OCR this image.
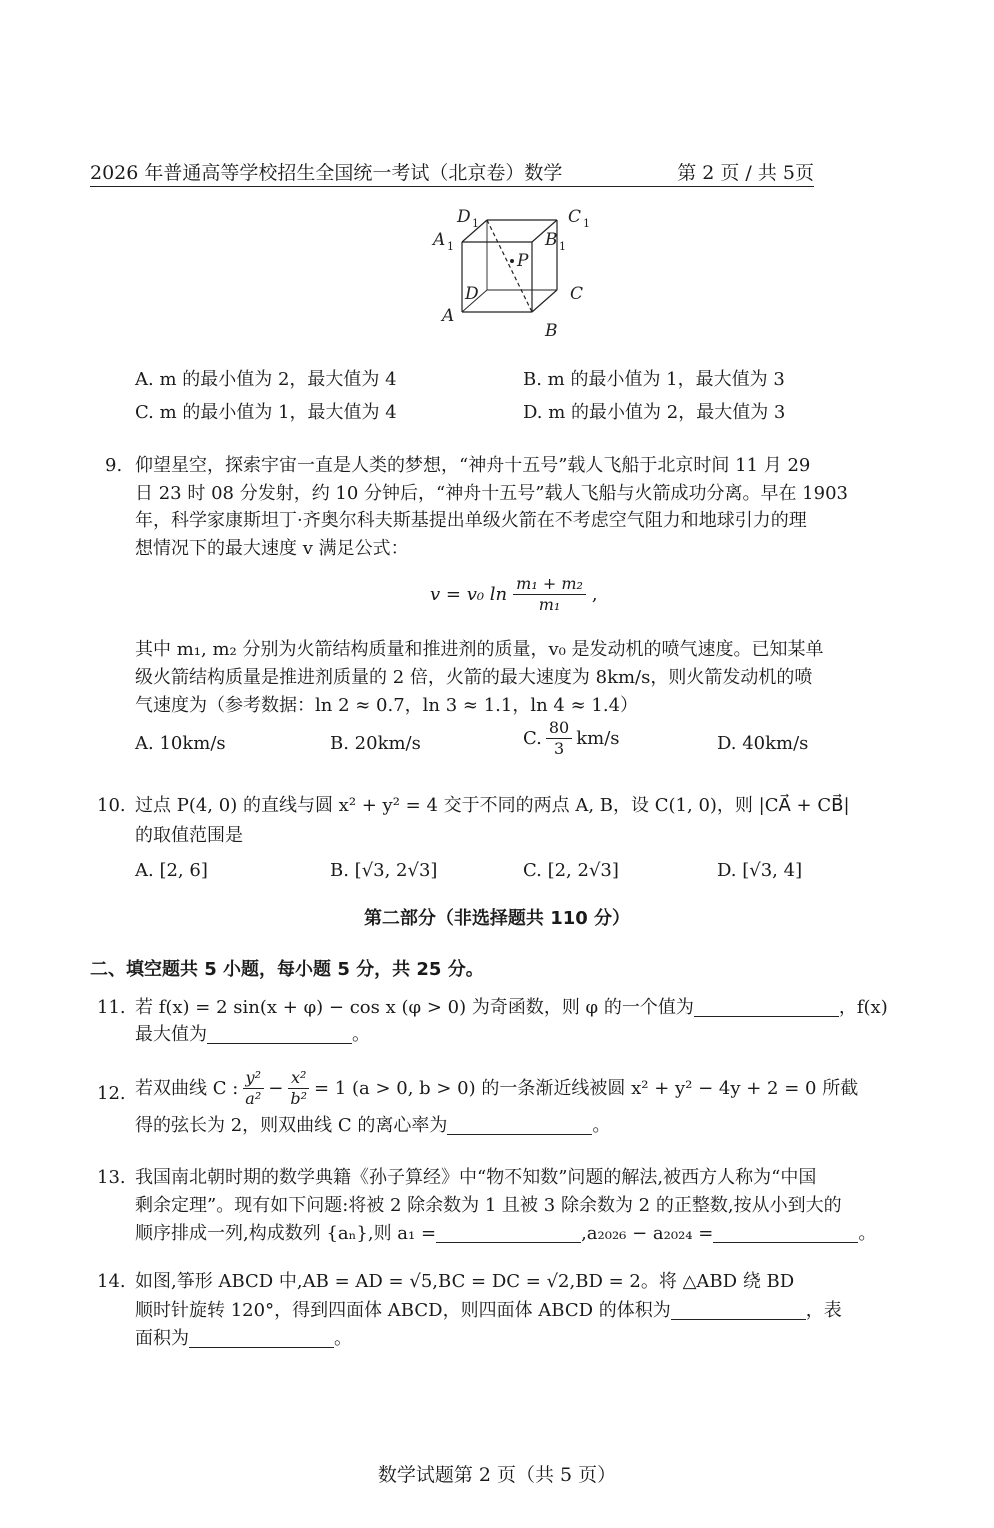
2026 年普通高等学校招生全国统一考试（北京卷）数学	第 2 页 / 共 5页
D 1	C 1
A 1	B 1
P
D	C
A
B
A. m 的最小值为 2，最大值为 4	B. m 的最小值为 1，最大值为 3
C. m 的最小值为 1，最大值为 4	D. m 的最小值为 2，最大值为 3
9. 仰望星空，探索宇宙一直是人类的梦想，“神舟十五号”载人飞船于北京时间 11 月 29
日 23 时 08 分发射，约 10 分钟后，“神舟十五号”载人飞船与火箭成功分离。早在 1903
年，科学家康斯坦丁·齐奥尔科夫斯基提出单级火箭在不考虑空气阻力和地球引力的理
想情况下的最大速度 v 满足公式：
v = v₀ $\ln \frac{\text{m₁ + m₂}}{\text{m₁}}$ ,
其中 m₁, m₂ 分别为火箭结构质量和推进剂的质量，v₀ 是发动机的喷气速度。已知某单
级火箭结构质量是推进剂质量的 2 倍，火箭的最大速度为 8km/s，则火箭发动机的喷
气速度为（参考数据：ln 2 ≈ 0.7，ln 3 ≈ 1.1，ln 4 ≈ 1.4）
A. 10km/s	B. 20km/s	C. $\frac{80}{3} km/s$	D. 40km/s
10. 过点 P(4, 0) 的直线与圆 x² + y² = 4 交于不同的两点 A, B，设 C(1, 0)，则 |CA⃗ + CB⃗|
的取值范围是
A. [2, 6]	B. [√3, 2√3]	C. [2, 2√3]	D. [√3, 4]
第二部分（非选择题共 110 分）
二、填空题共 5 小题，每小题 5 分，共 25 分。
11. 若 f(x) = 2 sin(x + φ) − cos x (φ > 0) 为奇函数，则 φ 的一个值为	，f(x)
最大值为	。
12. 若双曲线 C : $\frac{\text{y²}}{\text{a²}} - \frac{\text{x²}}{\text{b²}} = 1$ (a > 0, b > 0) 的一条渐近线被圆 x² + y² − 4y + 2 = 0 所截
得的弦长为 2，则双曲线 C 的离心率为	。
13. 我国南北朝时期的数学典籍《孙子算经》中“物不知数”问题的解法,被西方人称为“中国
剩余定理”。现有如下问题:将被 2 除余数为 1 且被 3 除余数为 2 的正整数,按从小到大的
顺序排成一列,构成数列 {aₙ},则 a₁ =	,a₂₀₂₆ − a₂₀₂₄ =	。
14. 如图,筝形 ABCD 中,AB = AD = √5,BC = DC = √2,BD = 2。将 △ABD 绕 BD
顺时针旋转 120°，得到四面体 ABCD，则四面体 ABCD 的体积为	，表
面积为	。
数学试题第 2 页（共 5 页）
